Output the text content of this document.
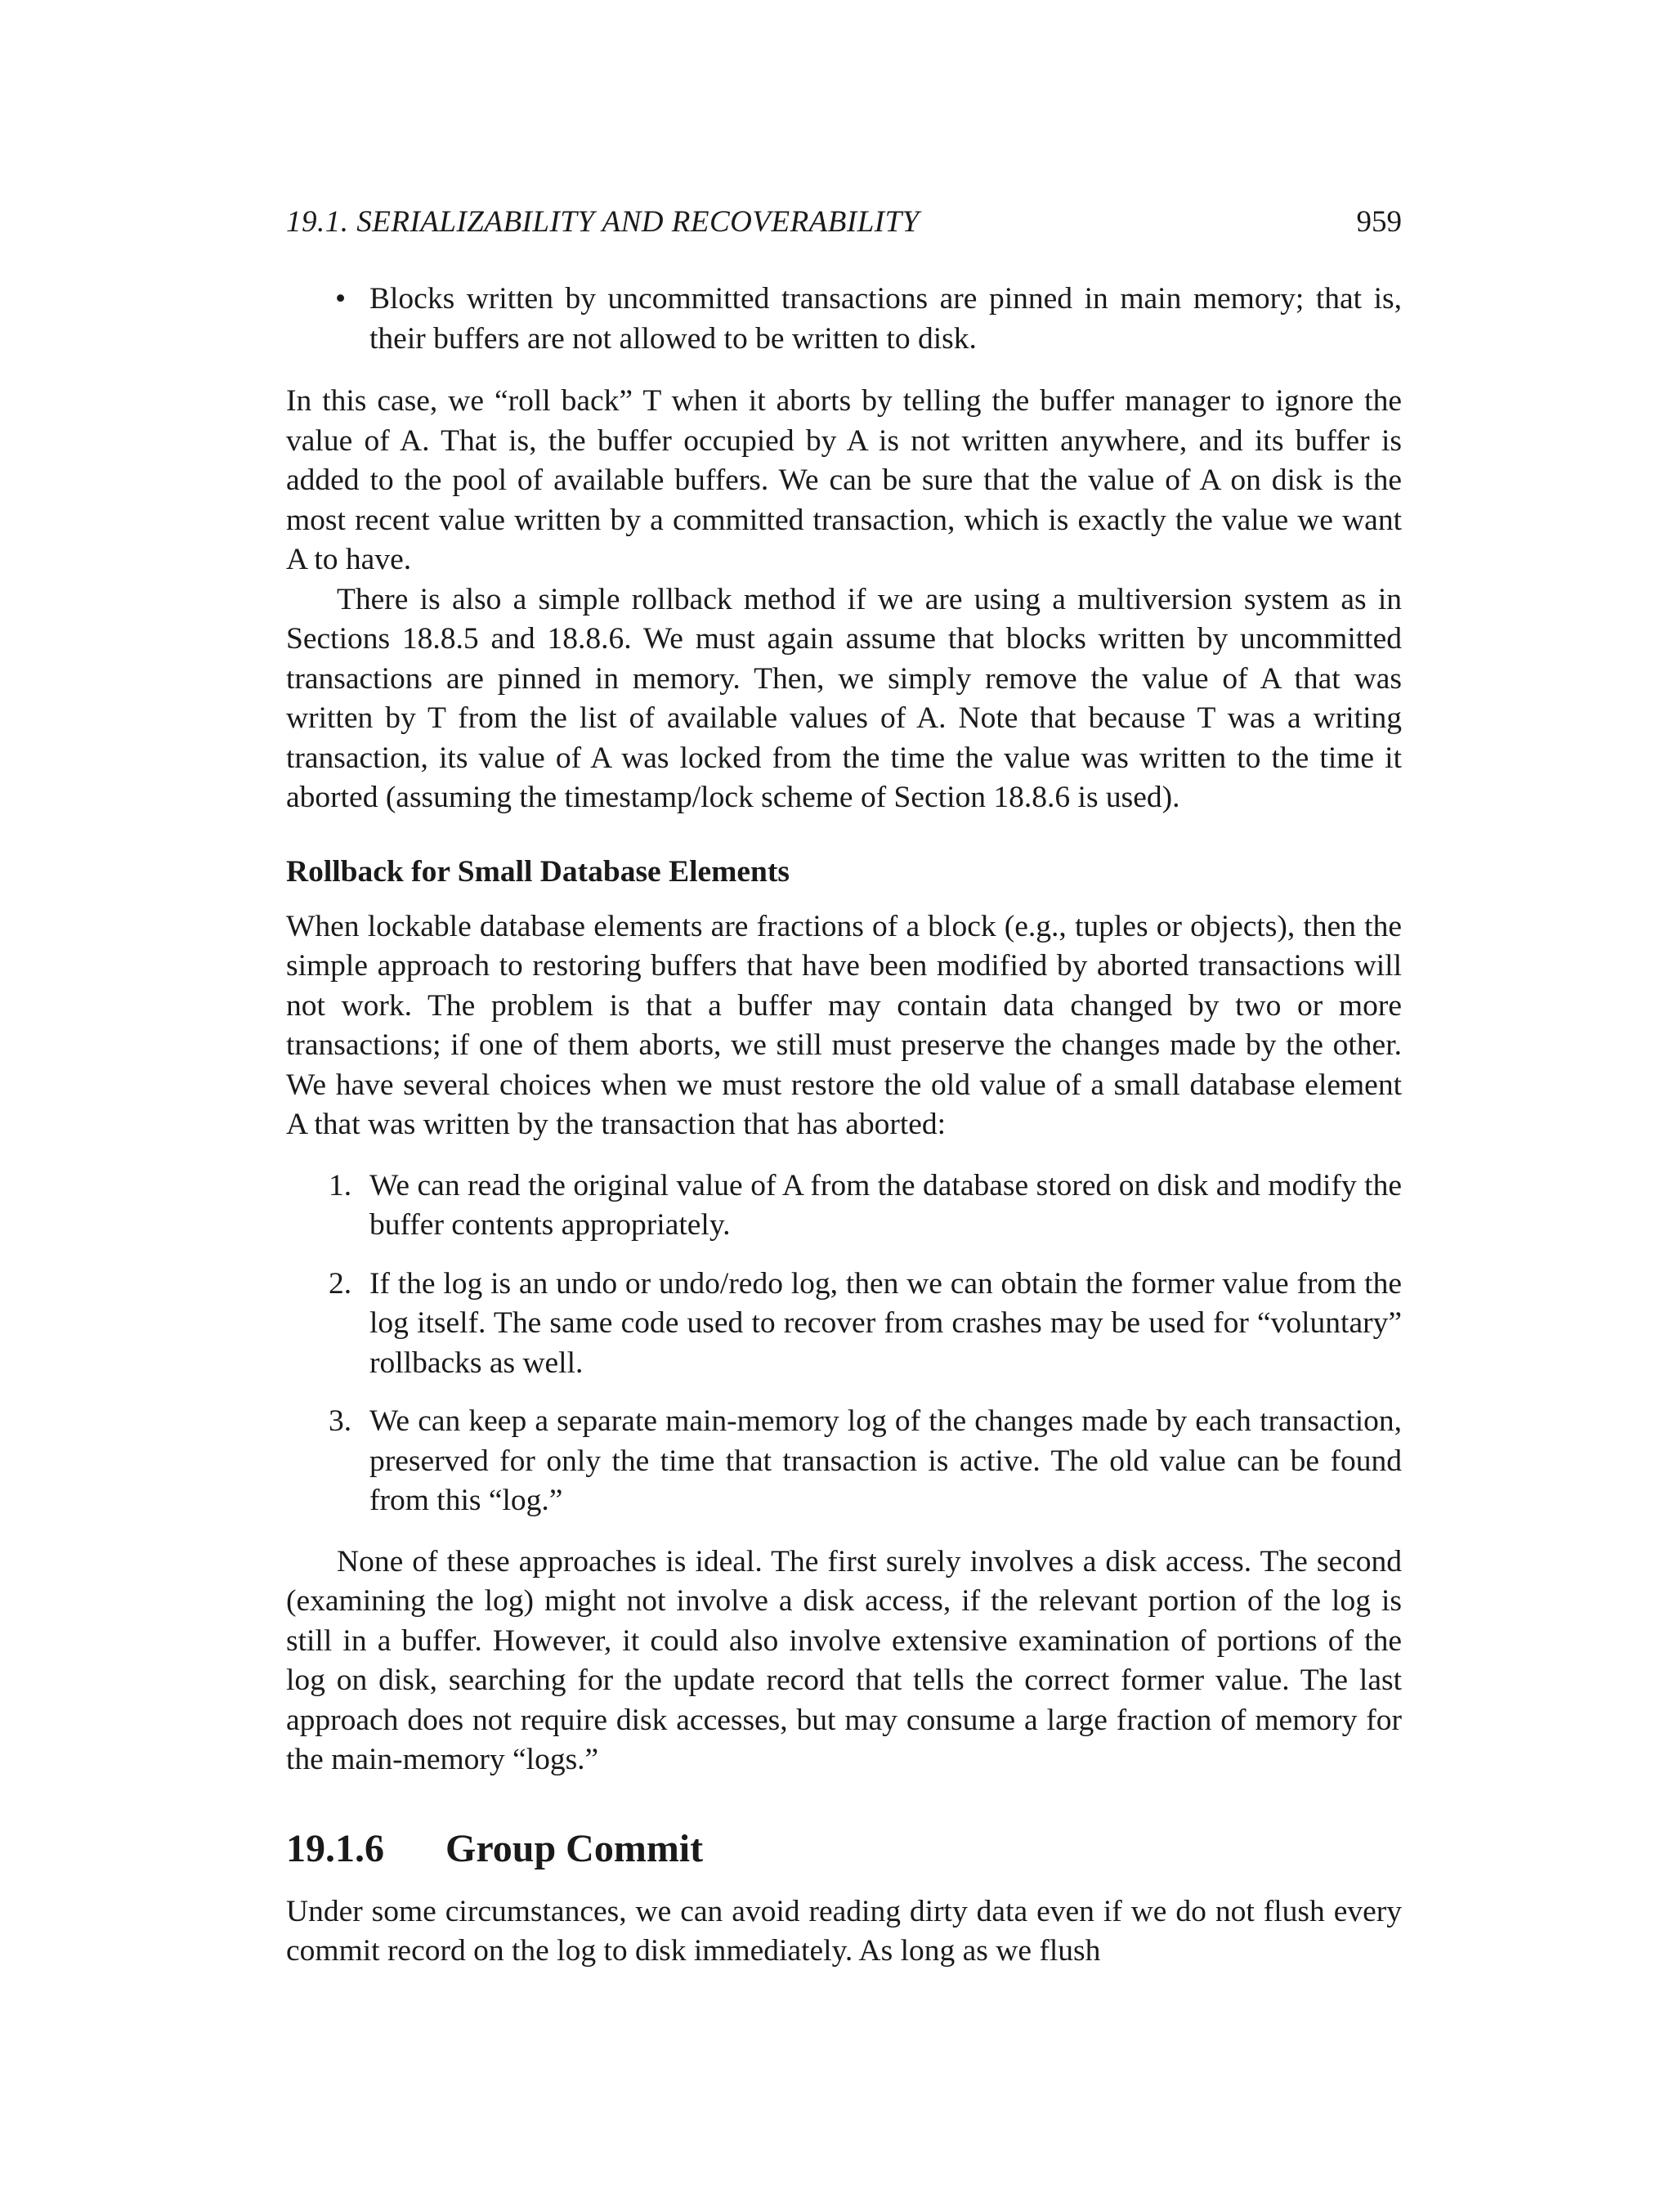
19.1. SERIALIZABILITY AND RECOVERABILITY	959
• Blocks written by uncommitted transactions are pinned in main memory; that is, their buffers are not allowed to be written to disk.

In this case, we “roll back” T when it aborts by telling the buffer manager to ignore the value of A. That is, the buffer occupied by A is not written anywhere, and its buffer is added to the pool of available buffers. We can be sure that the value of A on disk is the most recent value written by a committed transaction, which is exactly the value we want A to have.

There is also a simple rollback method if we are using a multiversion system as in Sections 18.8.5 and 18.8.6. We must again assume that blocks written by uncommitted transactions are pinned in memory. Then, we simply remove the value of A that was written by T from the list of available values of A. Note that because T was a writing transaction, its value of A was locked from the time the value was written to the time it aborted (assuming the timestamp/lock scheme of Section 18.8.6 is used).

Rollback for Small Database Elements

When lockable database elements are fractions of a block (e.g., tuples or objects), then the simple approach to restoring buffers that have been modified by aborted transactions will not work. The problem is that a buffer may contain data changed by two or more transactions; if one of them aborts, we still must preserve the changes made by the other. We have several choices when we must restore the old value of a small database element A that was written by the transaction that has aborted:

1. We can read the original value of A from the database stored on disk and modify the buffer contents appropriately.
2. If the log is an undo or undo/redo log, then we can obtain the former value from the log itself. The same code used to recover from crashes may be used for “voluntary” rollbacks as well.
3. We can keep a separate main-memory log of the changes made by each transaction, preserved for only the time that transaction is active. The old value can be found from this “log.”

None of these approaches is ideal. The first surely involves a disk access. The second (examining the log) might not involve a disk access, if the relevant portion of the log is still in a buffer. However, it could also involve extensive examination of portions of the log on disk, searching for the update record that tells the correct former value. The last approach does not require disk accesses, but may consume a large fraction of memory for the main-memory “logs.”

19.1.6 Group Commit

Under some circumstances, we can avoid reading dirty data even if we do not flush every commit record on the log to disk immediately. As long as we flush
